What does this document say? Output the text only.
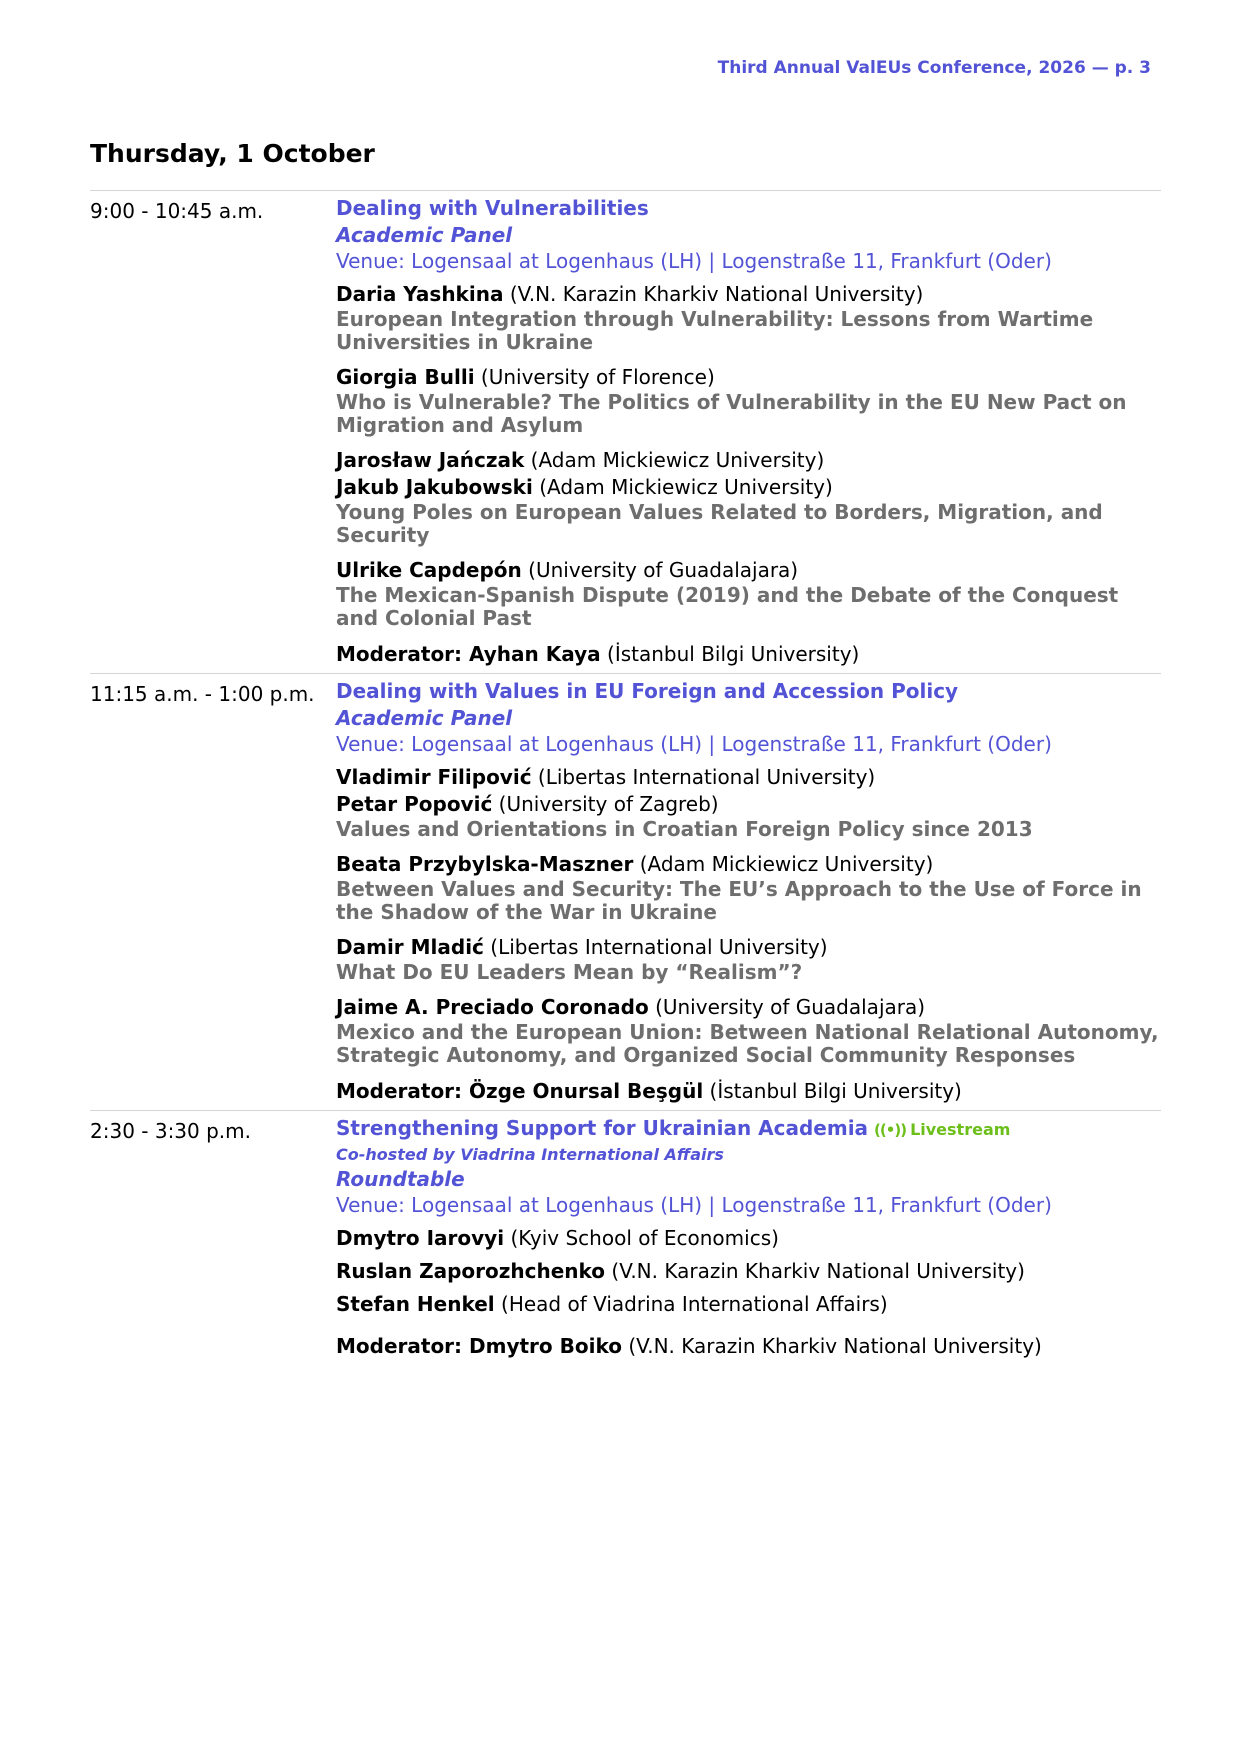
Third Annual ValEUs Conference, 2026 — p. 3
Thursday, 1 October
9:00 - 10:45 a.m.	Dealing with Vulnerabilities
Academic Panel
Venue: Logensaal at Logenhaus (LH) | Logenstraße 11, Frankfurt (Oder)
Daria Yashkina (V.N. Karazin Kharkiv National University)
European Integration through Vulnerability: Lessons from Wartime Universities in Ukraine
Giorgia Bulli (University of Florence)
Who is Vulnerable? The Politics of Vulnerability in the EU New Pact on Migration and Asylum
Jarosław Jańczak (Adam Mickiewicz University)
Jakub Jakubowski (Adam Mickiewicz University)
Young Poles on European Values Related to Borders, Migration, and Security
Ulrike Capdepón (University of Guadalajara)
The Mexican-Spanish Dispute (2019) and the Debate of the Conquest and Colonial Past
Moderator: Ayhan Kaya (İstanbul Bilgi University)
11:15 a.m. - 1:00 p.m.	Dealing with Values in EU Foreign and Accession Policy
Academic Panel
Venue: Logensaal at Logenhaus (LH) | Logenstraße 11, Frankfurt (Oder)
Vladimir Filipović (Libertas International University)
Petar Popović (University of Zagreb)
Values and Orientations in Croatian Foreign Policy since 2013
Beata Przybylska-Maszner (Adam Mickiewicz University)
Between Values and Security: The EU’s Approach to the Use of Force in the Shadow of the War in Ukraine
Damir Mladić (Libertas International University)
What Do EU Leaders Mean by “Realism”?
Jaime A. Preciado Coronado (University of Guadalajara)
Mexico and the European Union: Between National Relational Autonomy, Strategic Autonomy, and Organized Social Community Responses
Moderator: Özge Onursal Beşgül (İstanbul Bilgi University)
2:30 - 3:30 p.m.	Strengthening Support for Ukrainian Academia ((•)) Livestream
Co-hosted by Viadrina International Affairs
Roundtable
Venue: Logensaal at Logenhaus (LH) | Logenstraße 11, Frankfurt (Oder)
Dmytro Iarovyi (Kyiv School of Economics)
Ruslan Zaporozhchenko (V.N. Karazin Kharkiv National University)
Stefan Henkel (Head of Viadrina International Affairs)
Moderator: Dmytro Boiko (V.N. Karazin Kharkiv National University)
